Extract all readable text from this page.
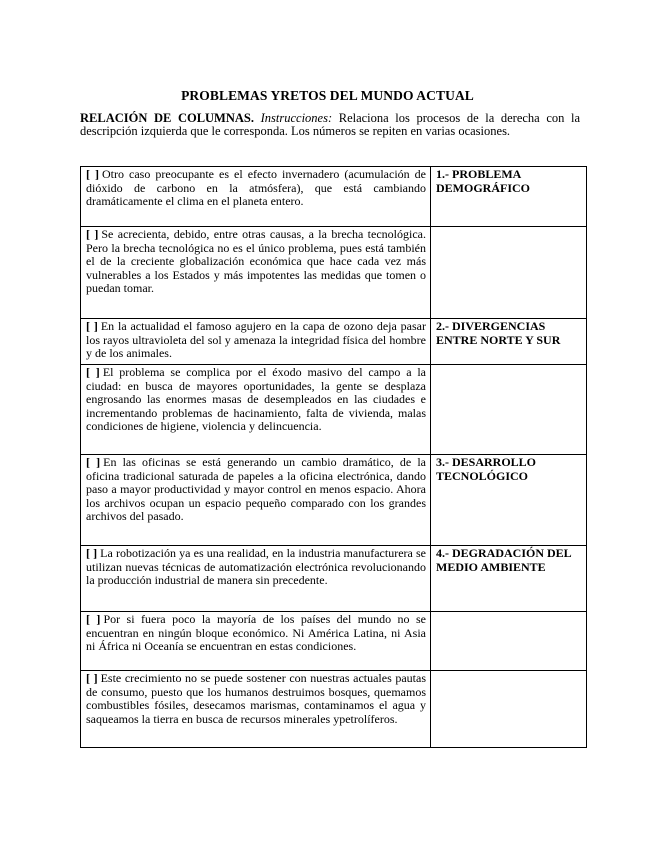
PROBLEMAS YRETOS DEL MUNDO ACTUAL
RELACIÓN DE COLUMNAS. Instrucciones: Relaciona los procesos de la derecha con la descripción izquierda que le corresponda. Los números se repiten en varias ocasiones.
[ ] Otro caso preocupante es el efecto invernadero (acumulación de dióxido de carbono en la atmósfera), que está cambiando dramáticamente el clima en el planeta entero.	1.- PROBLEMA DEMOGRÁFICO
[ ] Se acrecienta, debido, entre otras causas, a la brecha tecnológica. Pero la brecha tecnológica no es el único problema, pues está también el de la creciente globalización económica que hace cada vez más vulnerables a los Estados y más impotentes las medidas que tomen o puedan tomar.	
[ ] En la actualidad el famoso agujero en la capa de ozono deja pasar los rayos ultravioleta del sol y amenaza la integridad física del hombre y de los animales.	2.- DIVERGENCIAS ENTRE NORTE Y SUR
[ ] El problema se complica por el éxodo masivo del campo a la ciudad: en busca de mayores oportunidades, la gente se desplaza engrosando las enormes masas de desempleados en las ciudades e incrementando problemas de hacinamiento, falta de vivienda, malas condiciones de higiene, violencia y delincuencia.	
[ ] En las oficinas se está generando un cambio dramático, de la oficina tradicional saturada de papeles a la oficina electrónica, dando paso a mayor productividad y mayor control en menos espacio. Ahora los archivos ocupan un espacio pequeño comparado con los grandes archivos del pasado.	3.- DESARROLLO TECNOLÓGICO
[ ] La robotización ya es una realidad, en la industria manufacturera se utilizan nuevas técnicas de automatización electrónica revolucionando la producción industrial de manera sin precedente.	4.- DEGRADACIÓN DEL MEDIO AMBIENTE
[ ] Por si fuera poco la mayoría de los países del mundo no se encuentran en ningún bloque económico. Ni América Latina, ni Asia ni África ni Oceanía se encuentran en estas condiciones.	
[ ] Este crecimiento no se puede sostener con nuestras actuales pautas de consumo, puesto que los humanos destruimos bosques, quemamos combustibles fósiles, desecamos marismas, contaminamos el agua y saqueamos la tierra en busca de recursos minerales ypetrolíferos.	
